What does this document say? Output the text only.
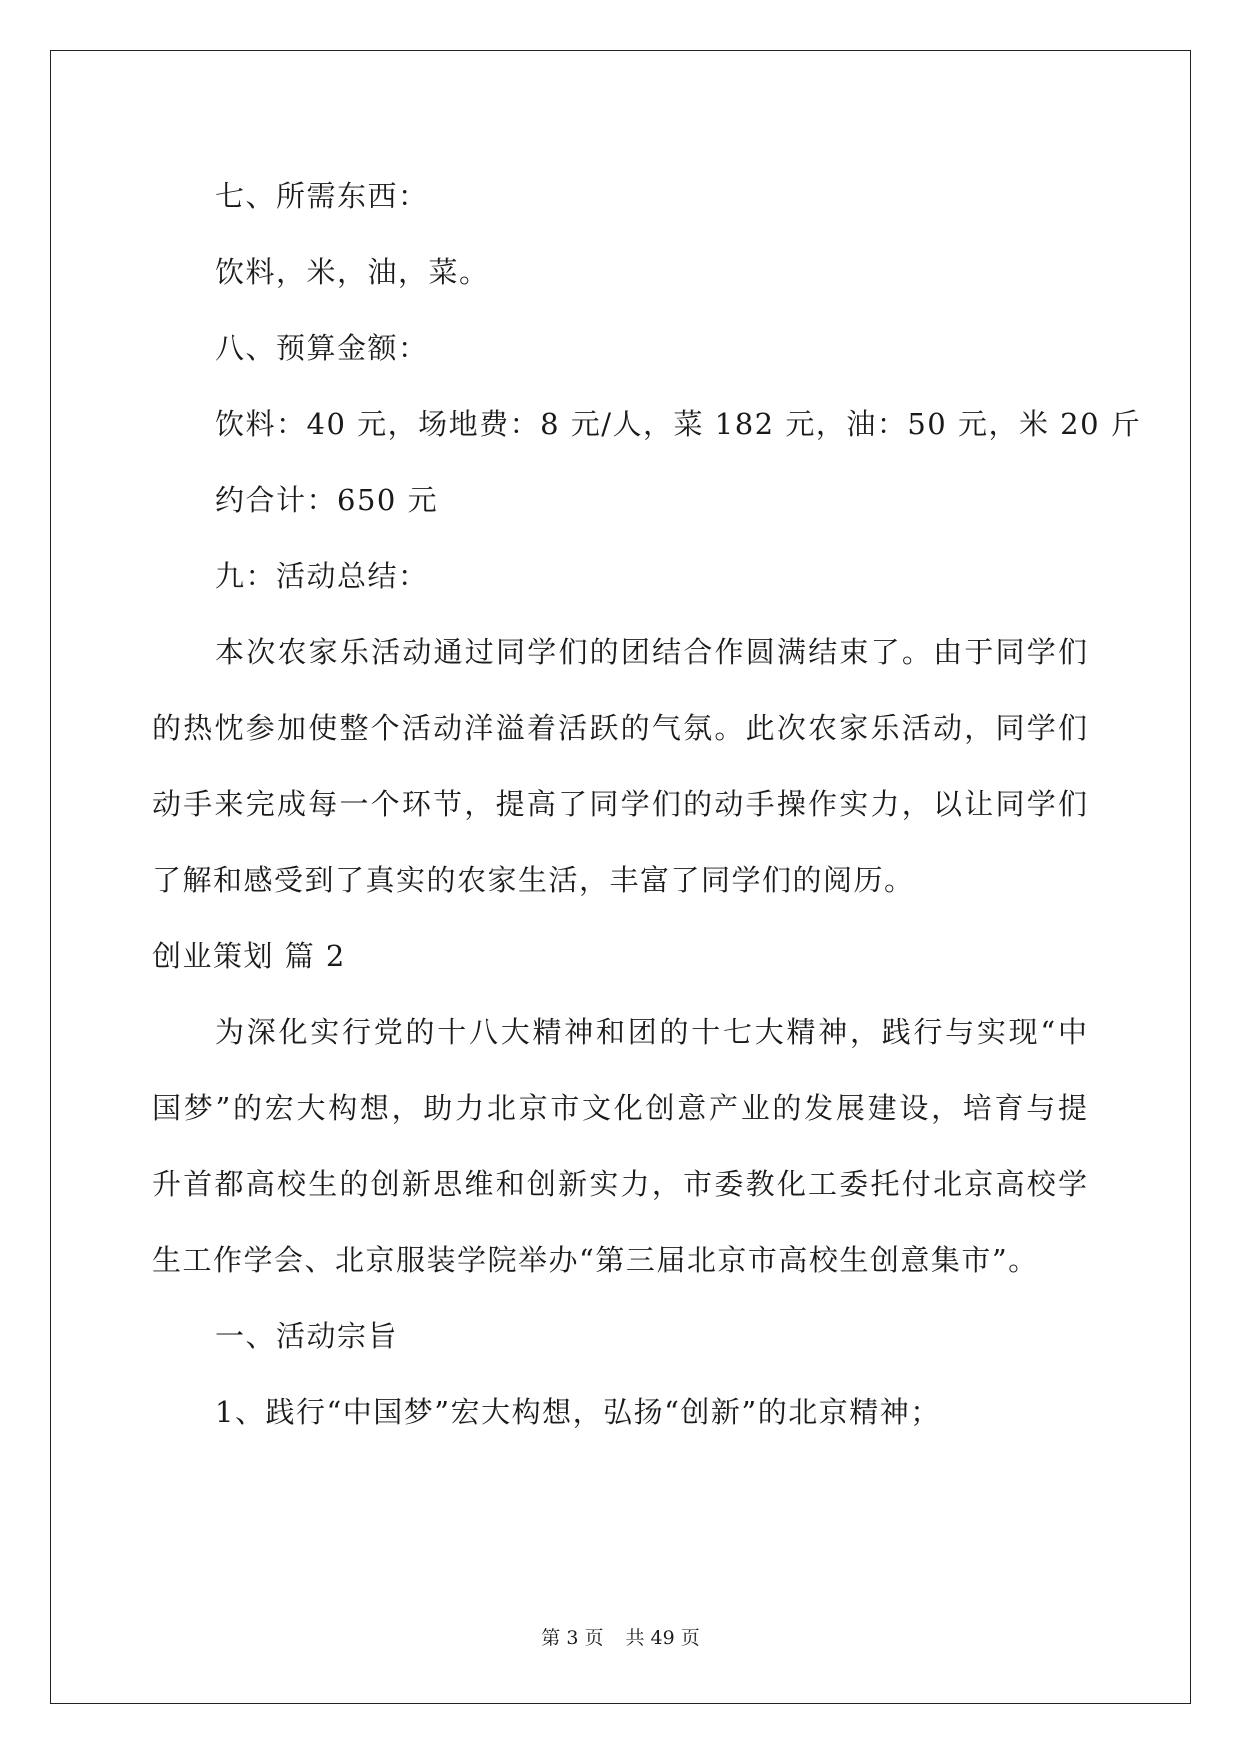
七、所需东西：
饮料，米，油，菜。
八、预算金额：
饮料：40 元，场地费：8 元/人，菜 182 元，油：50 元，米 20 斤
约合计：650 元
九：活动总结：
本次农家乐活动通过同学们的团结合作圆满结束了。由于同学们
的热忱参加使整个活动洋溢着活跃的气氛。此次农家乐活动，同学们
动手来完成每一个环节，提高了同学们的动手操作实力，以让同学们
了解和感受到了真实的农家生活，丰富了同学们的阅历。
创业策划 篇 2
为深化实行党的十八大精神和团的十七大精神，践行与实现“中
国梦”的宏大构想，助力北京市文化创意产业的发展建设，培育与提
升首都高校生的创新思维和创新实力，市委教化工委托付北京高校学
生工作学会、北京服装学院举办“第三届北京市高校生创意集市”。
一、活动宗旨
1、践行“中国梦”宏大构想，弘扬“创新”的北京精神；
第 3 页 共 49 页
